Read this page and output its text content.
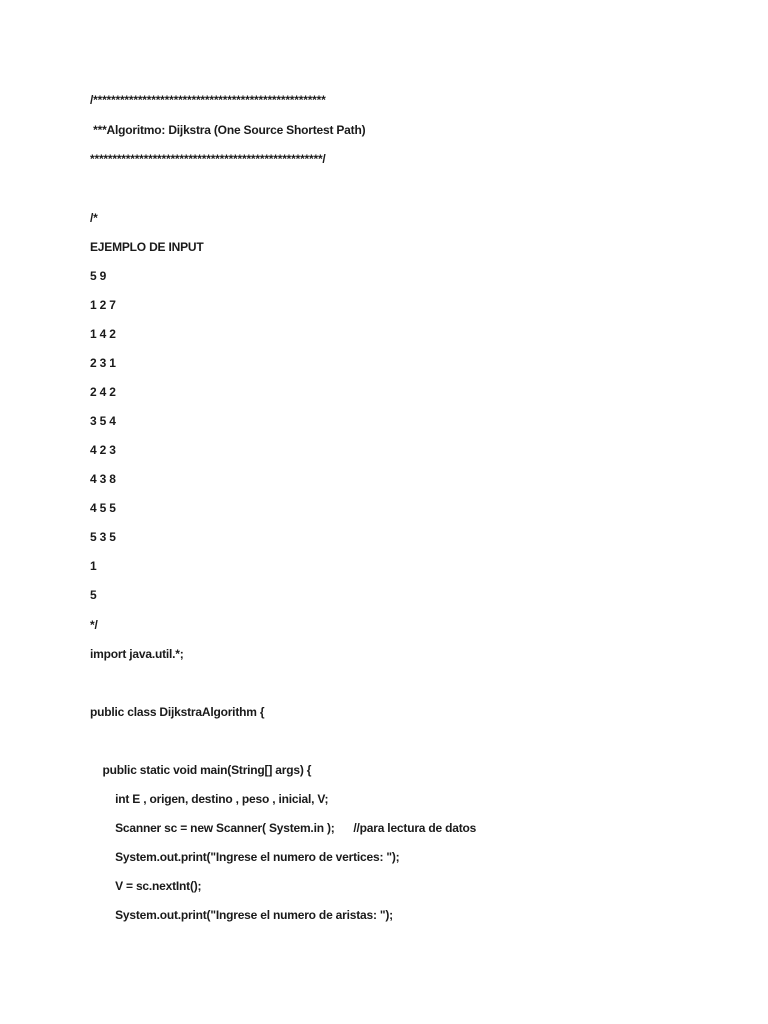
/****************************************************
***Algoritmo: Dijkstra (One Source Shortest Path)
****************************************************/
/*
EJEMPLO DE INPUT
5 9
1 2 7
1 4 2
2 3 1
2 4 2
3 5 4
4 2 3
4 3 8
4 5 5
5 3 5
1
5
*/
import java.util.*;
public class DijkstraAlgorithm {
public static void main(String[] args) {
int E , origen, destino , peso , inicial, V;
Scanner sc = new Scanner( System.in );      //para lectura de datos
System.out.print("Ingrese el numero de vertices: ");
V = sc.nextInt();
System.out.print("Ingrese el numero de aristas: ");
